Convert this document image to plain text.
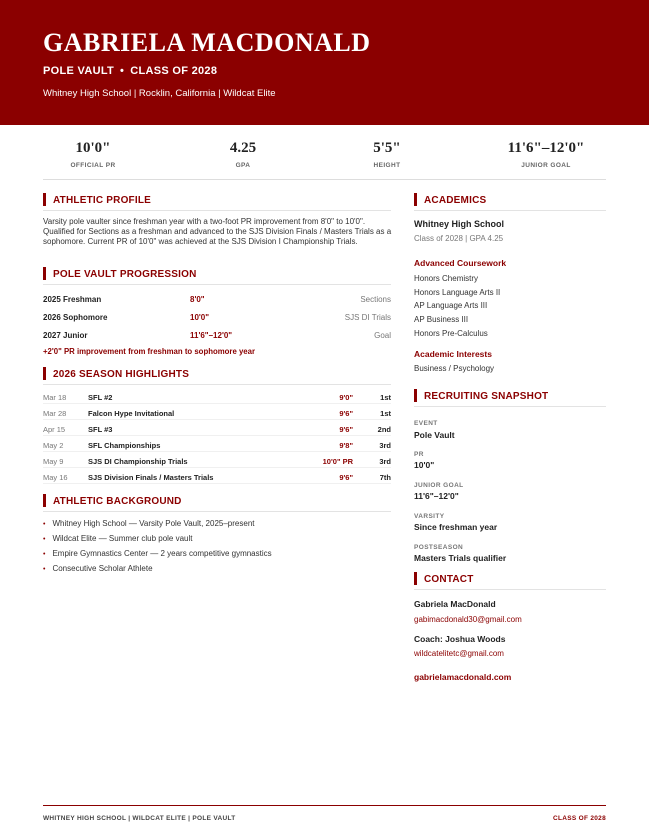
GABRIELA MACDONALD
POLE VAULT • CLASS OF 2028
Whitney High School | Rocklin, California | Wildcat Elite
10'0"
OFFICIAL PR
4.25
GPA
5'5"
HEIGHT
11'6"–12'0"
JUNIOR GOAL
ATHLETIC PROFILE
Varsity pole vaulter since freshman year with a two-foot PR improvement from 8'0" to 10'0". Qualified for Sections as a freshman and advanced to the SJS Division Finals / Masters Trials as a sophomore. Current PR of 10'0" was achieved at the SJS Division I Championship Trials.
POLE VAULT PROGRESSION
2025 Freshman	8'0"	Sections
2026 Sophomore	10'0"	SJS DI Trials
2027 Junior	11'6"–12'0"	Goal
+2'0" PR improvement from freshman to sophomore year
2026 SEASON HIGHLIGHTS
Mar 18	SFL #2	9'0"	1st
Mar 28	Falcon Hype Invitational	9'6"	1st
Apr 15	SFL #3	9'6"	2nd
May 2	SFL Championships	9'8"	3rd
May 9	SJS DI Championship Trials	10'0" PR	3rd
May 16	SJS Division Finals / Masters Trials	9'6"	7th
ATHLETIC BACKGROUND
• Whitney High School — Varsity Pole Vault, 2025–present
• Wildcat Elite — Summer club pole vault
• Empire Gymnastics Center — 2 years competitive gymnastics
• Consecutive Scholar Athlete
ACADEMICS
Whitney High School
Class of 2028 | GPA 4.25
Advanced Coursework
Honors Chemistry
Honors Language Arts II
AP Language Arts III
AP Business III
Honors Pre-Calculus
Academic Interests
Business / Psychology
RECRUITING SNAPSHOT
EVENT
Pole Vault
PR
10'0"
JUNIOR GOAL
11'6"–12'0"
VARSITY
Since freshman year
POSTSEASON
Masters Trials qualifier
CONTACT
Gabriela MacDonald
gabimacdonald30@gmail.com
Coach: Joshua Woods
wildcatelitetc@gmail.com
gabrielamacdonald.com
WHITNEY HIGH SCHOOL | WILDCAT ELITE | POLE VAULT	CLASS OF 2028
